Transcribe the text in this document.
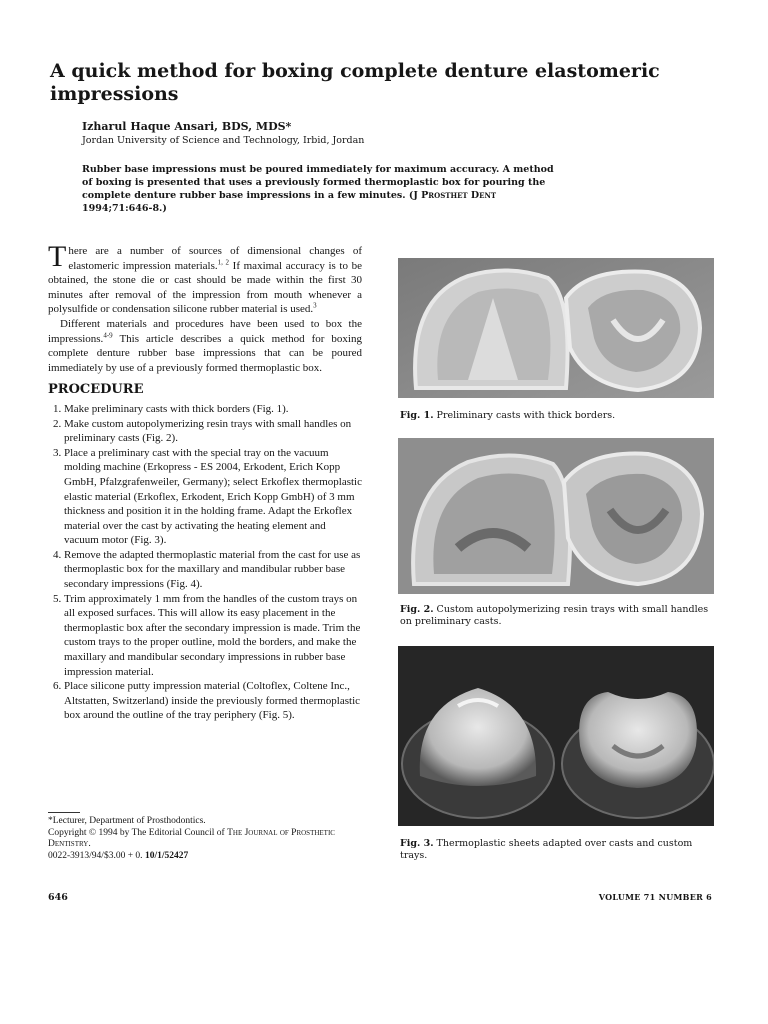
A quick method for boxing complete denture elastomeric impressions
Izharul Haque Ansari, BDS, MDS*
Jordan University of Science and Technology, Irbid, Jordan
Rubber base impressions must be poured immediately for maximum accuracy. A method of boxing is presented that uses a previously formed thermoplastic box for pouring the complete denture rubber base impressions in a few minutes. (J Prosthet Dent 1994;71:646-8.)

There are a number of sources of dimensional changes of elastomeric impression materials.$^{1, 2}$ If maximal accuracy is to be obtained, the stone die or cast should be made within the first 30 minutes after removal of the impression from mouth whenever a polysulfide or condensation silicone rubber material is used.$^3$

Different materials and procedures have been used to box the impressions.$^{4-9}$ This article describes a quick method for boxing complete denture rubber base impressions that can be poured immediately by use of a previously formed thermoplastic box.

PROCEDURE
1. Make preliminary casts with thick borders (Fig. 1).
2. Make custom autopolymerizing resin trays with small handles on preliminary casts (Fig. 2).
3. Place a preliminary cast with the special tray on the vacuum molding machine (Erkopress - ES 2004, Erkodent, Erich Kopp GmbH, Pfalzgrafenweiler, Germany); select Erkoflex thermoplastic elastic material (Erkoflex, Erkodent, Erich Kopp GmbH) of 3 mm thickness and position it in the holding frame. Adapt the Erkoflex material over the cast by activating the heating element and vacuum motor (Fig. 3).
4. Remove the adapted thermoplastic material from the cast for use as thermoplastic box for the maxillary and mandibular rubber base secondary impressions (Fig. 4).
5. Trim approximately 1 mm from the handles of the custom trays on all exposed surfaces. This will allow its easy placement in the thermoplastic box after the secondary impression is made. Trim the custom trays to the proper outline, mold the borders, and make the maxillary and mandibular secondary impressions in rubber base impression material.
6. Place silicone putty impression material (Coltoflex, Coltene Inc., Altstatten, Switzerland) inside the previously formed thermoplastic box around the outline of the tray periphery (Fig. 5).
*Lecturer, Department of Prosthodontics.
Copyright © 1994 by The Editorial Council of The Journal of Prosthetic Dentistry.
0022-3913/94/$3.00 + 0. 10/1/52427
Fig. 1. Preliminary casts with thick borders.
Fig. 2. Custom autopolymerizing resin trays with small handles on preliminary casts.
Fig. 3. Thermoplastic sheets adapted over casts and custom trays.
646	VOLUME 71 NUMBER 6
